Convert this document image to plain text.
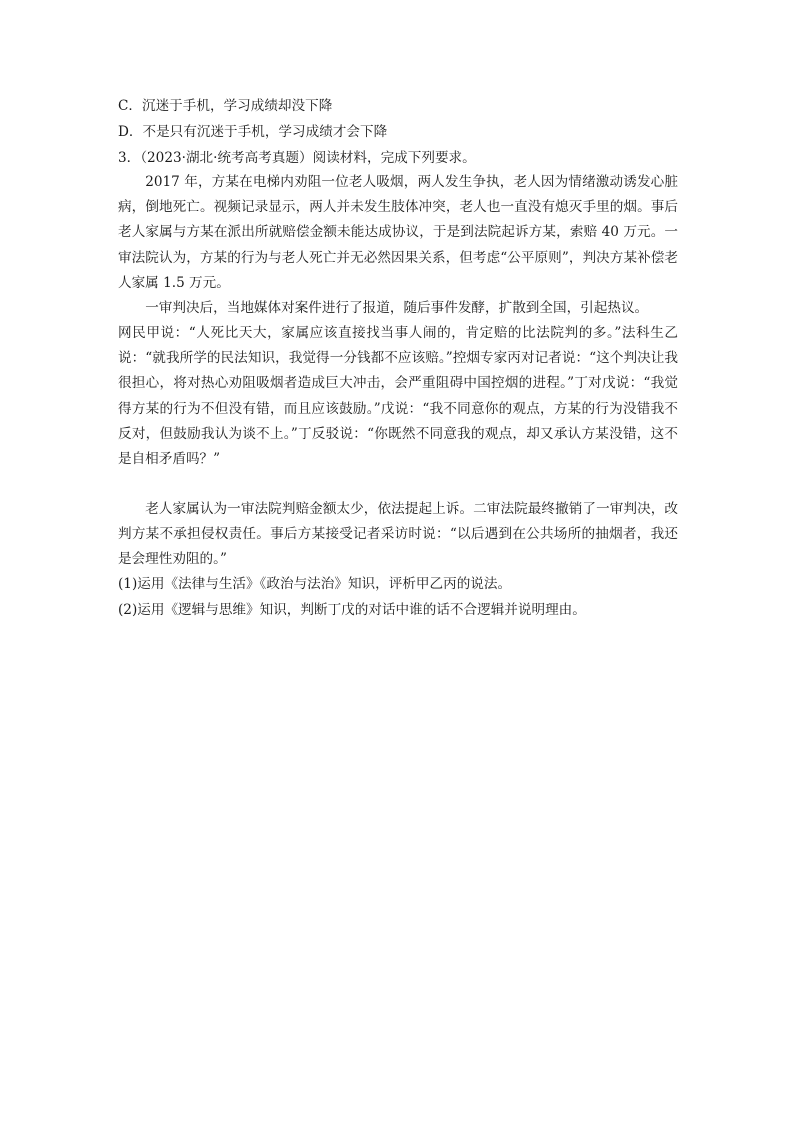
C．沉迷于手机，学习成绩却没下降
D．不是只有沉迷于手机，学习成绩才会下降
3．（2023·湖北·统考高考真题）阅读材料，完成下列要求。
2017 年，方某在电梯内劝阻一位老人吸烟，两人发生争执，老人因为情绪激动诱发心脏病，倒地死亡。视频记录显示，两人并未发生肢体冲突，老人也一直没有熄灭手里的烟。事后老人家属与方某在派出所就赔偿金额未能达成协议，于是到法院起诉方某，索赔 40 万元。一审法院认为，方某的行为与老人死亡并无必然因果关系，但考虑“公平原则”，判决方某补偿老人家属 1.5 万元。
一审判决后，当地媒体对案件进行了报道，随后事件发酵，扩散到全国，引起热议。
网民甲说：“人死比天大，家属应该直接找当事人闹的，肯定赔的比法院判的多。”法科生乙说：“就我所学的民法知识，我觉得一分钱都不应该赔。”控烟专家丙对记者说：“这个判决让我很担心，将对热心劝阻吸烟者造成巨大冲击，会严重阻碍中国控烟的进程。”丁对戊说：“我觉得方某的行为不但没有错，而且应该鼓励。”戊说：“我不同意你的观点，方某的行为没错我不反对，但鼓励我认为谈不上。”丁反驳说：“你既然不同意我的观点，却又承认方某没错，这不是自相矛盾吗？”
老人家属认为一审法院判赔金额太少，依法提起上诉。二审法院最终撤销了一审判决，改判方某不承担侵权责任。事后方某接受记者采访时说：“以后遇到在公共场所的抽烟者，我还是会理性劝阻的。”
(1)运用《法律与生活》《政治与法治》知识，评析甲乙丙的说法。
(2)运用《逻辑与思维》知识，判断丁戊的对话中谁的话不合逻辑并说明理由。
